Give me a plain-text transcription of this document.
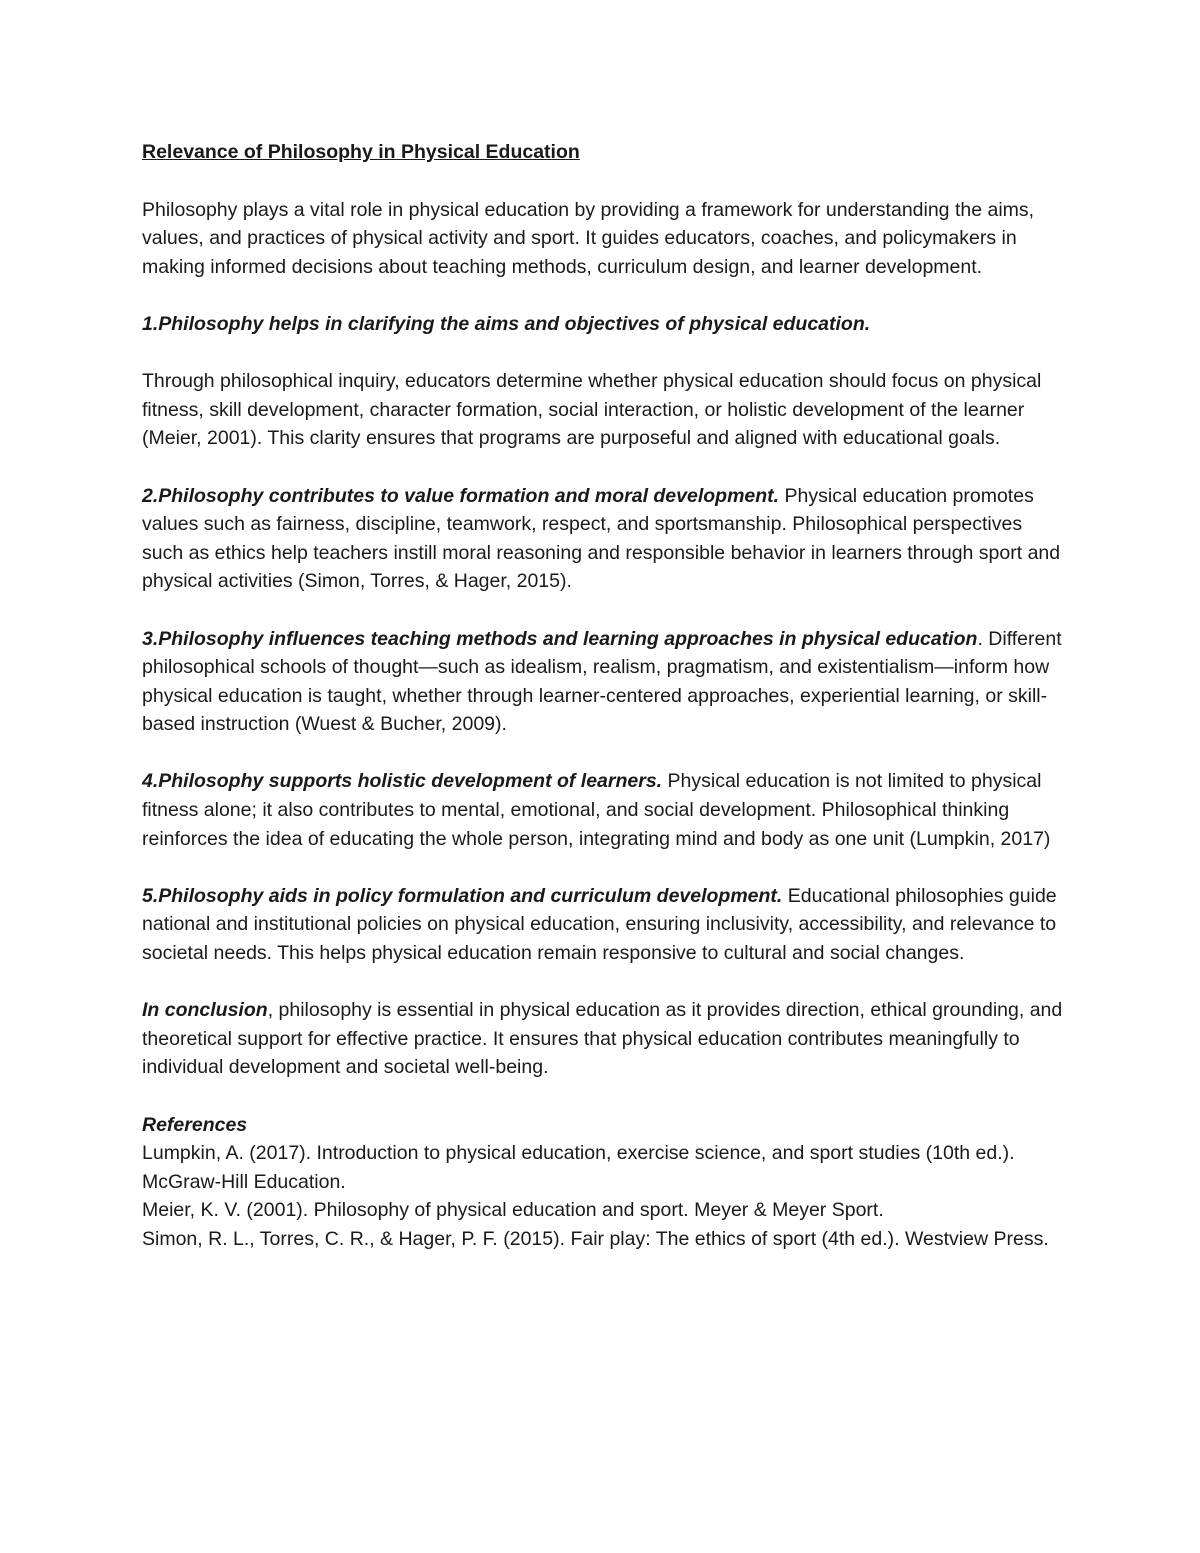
Relevance of Philosophy in Physical Education

Philosophy plays a vital role in physical education by providing a framework for understanding the aims, values, and practices of physical activity and sport. It guides educators, coaches, and policymakers in making informed decisions about teaching methods, curriculum design, and learner development.

1.Philosophy helps in clarifying the aims and objectives of physical education.

Through philosophical inquiry, educators determine whether physical education should focus on physical fitness, skill development, character formation, social interaction, or holistic development of the learner (Meier, 2001). This clarity ensures that programs are purposeful and aligned with educational goals.

2.Philosophy contributes to value formation and moral development. Physical education promotes values such as fairness, discipline, teamwork, respect, and sportsmanship. Philosophical perspectives such as ethics help teachers instill moral reasoning and responsible behavior in learners through sport and physical activities (Simon, Torres, & Hager, 2015).

3.Philosophy influences teaching methods and learning approaches in physical education. Different philosophical schools of thought—such as idealism, realism, pragmatism, and existentialism—inform how physical education is taught, whether through learner-centered approaches, experiential learning, or skill-based instruction (Wuest & Bucher, 2009).

4.Philosophy supports holistic development of learners. Physical education is not limited to physical fitness alone; it also contributes to mental, emotional, and social development. Philosophical thinking reinforces the idea of educating the whole person, integrating mind and body as one unit (Lumpkin, 2017)

5.Philosophy aids in policy formulation and curriculum development. Educational philosophies guide national and institutional policies on physical education, ensuring inclusivity, accessibility, and relevance to societal needs. This helps physical education remain responsive to cultural and social changes.

In conclusion, philosophy is essential in physical education as it provides direction, ethical grounding, and theoretical support for effective practice. It ensures that physical education contributes meaningfully to individual development and societal well-being.

References
Lumpkin, A. (2017). Introduction to physical education, exercise science, and sport studies (10th ed.). McGraw-Hill Education.
Meier, K. V. (2001). Philosophy of physical education and sport. Meyer & Meyer Sport.
Simon, R. L., Torres, C. R., & Hager, P. F. (2015). Fair play: The ethics of sport (4th ed.). Westview Press.
